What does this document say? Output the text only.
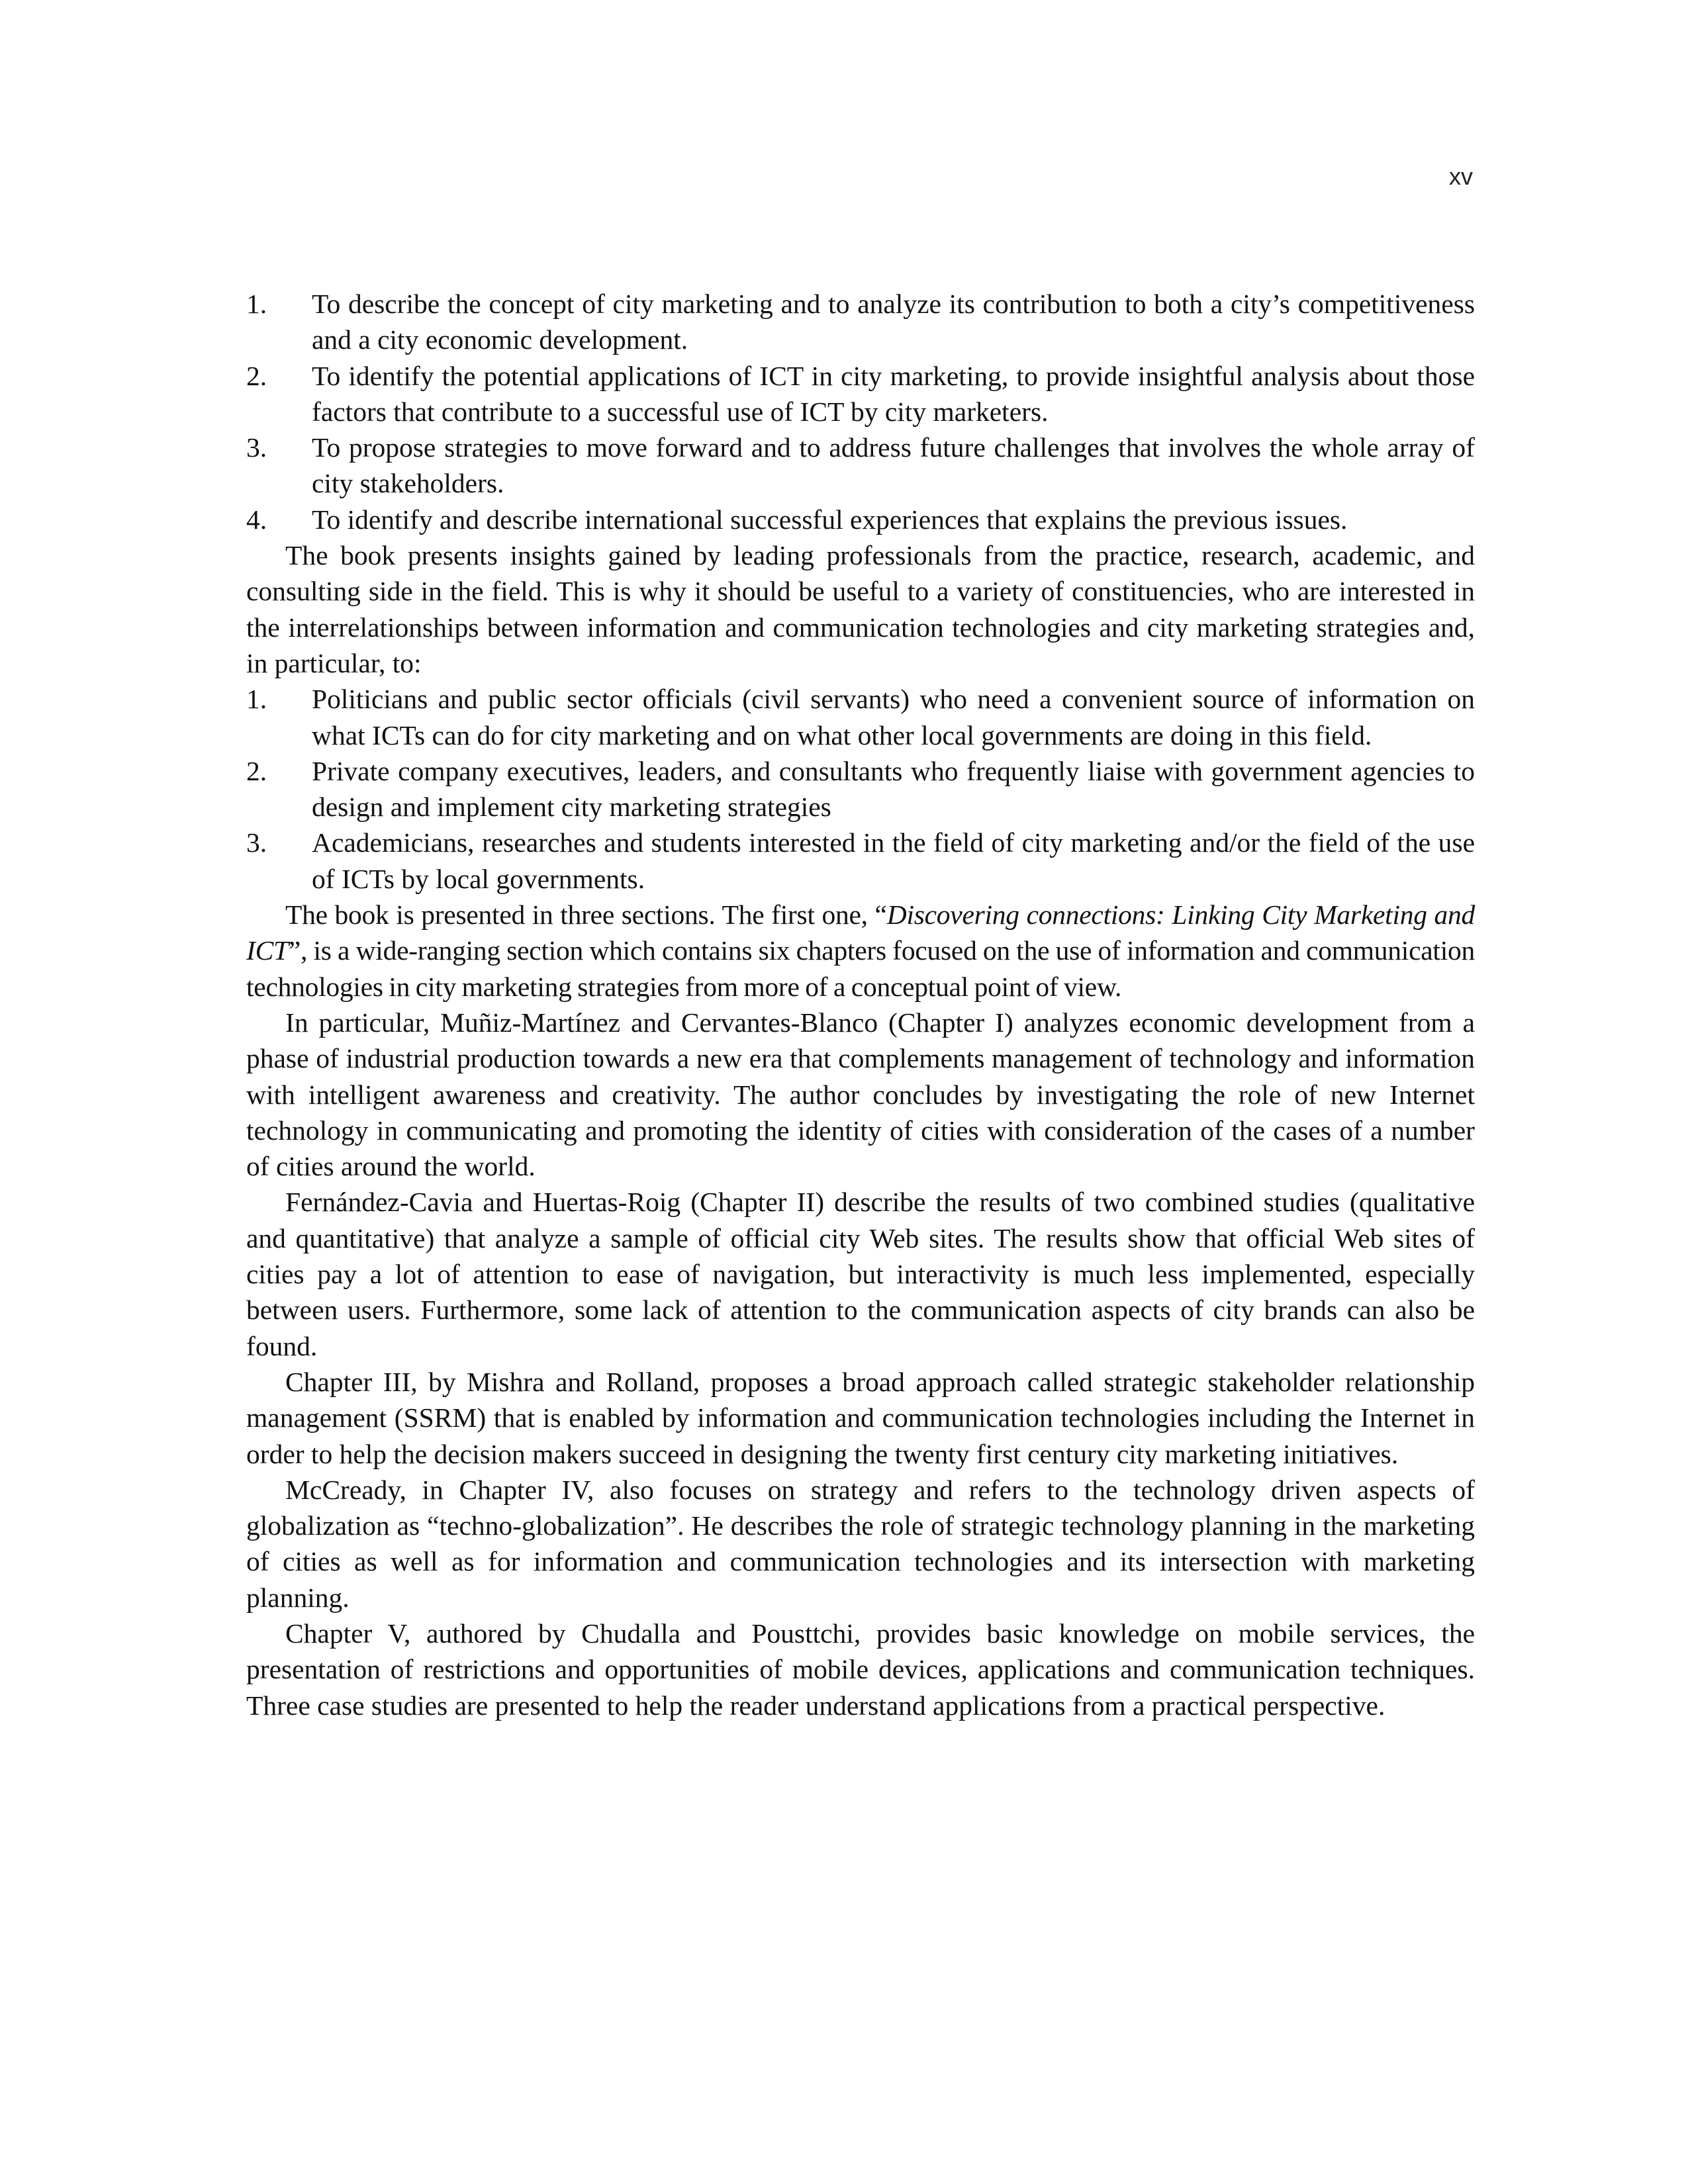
xv
1. To describe the concept of city marketing and to analyze its contribution to both a city’s competitiveness and a city economic development.
2. To identify the potential applications of ICT in city marketing, to provide insightful analysis about those factors that contribute to a successful use of ICT by city marketers.
3. To propose strategies to move forward and to address future challenges that involves the whole array of city stakeholders.
4. To identify and describe international successful experiences that explains the previous issues.

The book presents insights gained by leading professionals from the practice, research, academic, and consulting side in the field. This is why it should be useful to a variety of constituencies, who are interested in the interrelationships between information and communication technologies and city marketing strategies and, in particular, to:

1. Politicians and public sector officials (civil servants) who need a convenient source of information on what ICTs can do for city marketing and on what other local governments are doing in this field.
2. Private company executives, leaders, and consultants who frequently liaise with government agencies to design and implement city marketing strategies
3. Academicians, researches and students interested in the field of city marketing and/or the field of the use of ICTs by local governments.

The book is presented in three sections. The first one, “Discovering connections: Linking City Marketing and ICT”, is a wide-ranging section which contains six chapters focused on the use of information and communication technologies in city marketing strategies from more of a conceptual point of view.

In particular, Muñiz-Martínez and Cervantes-Blanco (Chapter I) analyzes economic development from a phase of industrial production towards a new era that complements management of technology and information with intelligent awareness and creativity. The author concludes by investigating the role of new Internet technology in communicating and promoting the identity of cities with consideration of the cases of a number of cities around the world.

Fernández-Cavia and Huertas-Roig (Chapter II) describe the results of two combined studies (qualitative and quantitative) that analyze a sample of official city Web sites. The results show that official Web sites of cities pay a lot of attention to ease of navigation, but interactivity is much less implemented, especially between users. Furthermore, some lack of attention to the communication aspects of city brands can also be found.

Chapter III, by Mishra and Rolland, proposes a broad approach called strategic stakeholder relationship management (SSRM) that is enabled by information and communication technologies including the Internet in order to help the decision makers succeed in designing the twenty first century city marketing initiatives.

McCready, in Chapter IV, also focuses on strategy and refers to the technology driven aspects of globalization as “techno-globalization”. He describes the role of strategic technology planning in the marketing of cities as well as for information and communication technologies and its intersection with marketing planning.

Chapter V, authored by Chudalla and Pousttchi, provides basic knowledge on mobile services, the presentation of restrictions and opportunities of mobile devices, applications and communication techniques. Three case studies are presented to help the reader understand applications from a practical perspective.
